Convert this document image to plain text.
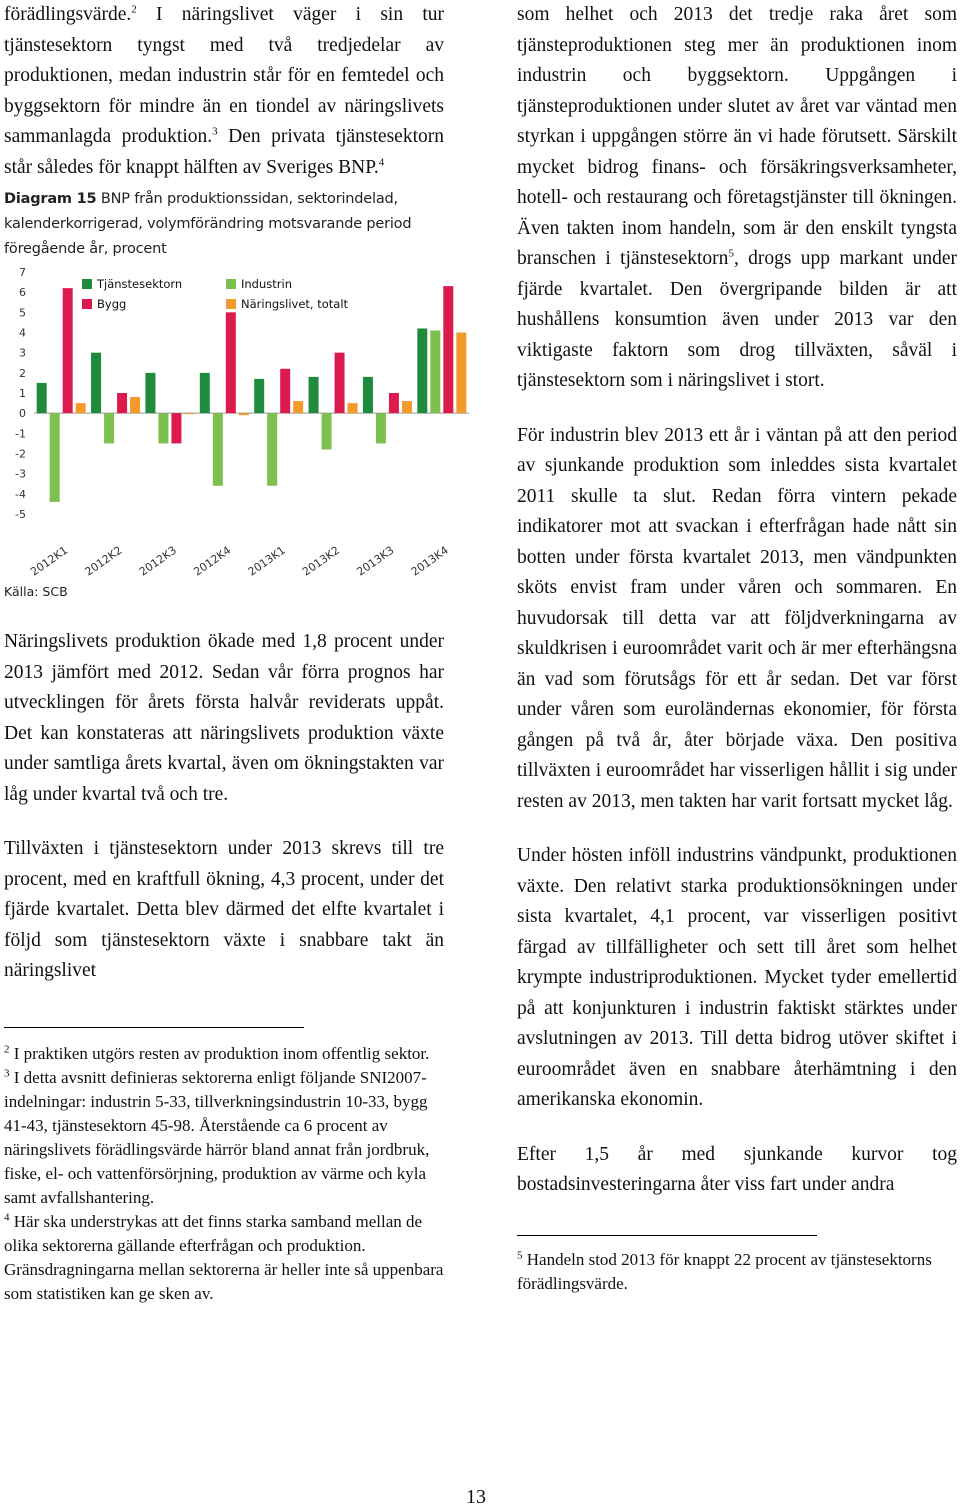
förädlingsvärde.$^2$ I näringslivet väger i sin tur tjänstesektorn tyngst med två tredjedelar av produktionen, medan industrin står för en femtedel och byggsektorn för mindre än en tiondel av näringslivets sammanlagda produktion.$^3$ Den privata tjänstesektorn står således för knappt hälften av Sveriges BNP.$^4$

Diagram 15 BNP från produktionssidan, sektorindelad, kalenderkorrigerad, volymförändring motsvarande period föregående år, procent

7
6
5
4
3
2
1
0
-1
-2
-3
-4
-5
2012K1 2012K2 2012K3 2012K4 2013K1 2013K2 2013K3 2013K4
Tjänstesektorn	Industrin
Bygg	Näringslivet, totalt
Källa: SCB

Näringslivets produktion ökade med 1,8 procent under 2013 jämfört med 2012. Sedan vår förra prognos har utvecklingen för årets första halvår reviderats uppåt. Det kan konstateras att näringslivets produktion växte under samtliga årets kvartal, även om ökningstakten var låg under kvartal två och tre.

Tillväxten i tjänstesektorn under 2013 skrevs till tre procent, med en kraftfull ökning, 4,3 procent, under det fjärde kvartalet. Detta blev därmed det elfte kvartalet i följd som tjänstesektorn växte i snabbare takt än näringslivet

$^2$ I praktiken utgörs resten av produktion inom offentlig sektor.

$^3$ I detta avsnitt definieras sektorerna enligt följande SNI2007-indelningar: industrin 5-33, tillverkningsindustrin 10-33, bygg 41-43, tjänstesektorn 45-98. Återstående ca 6 procent av näringslivets förädlingsvärde härrör bland annat från jordbruk, fiske, el- och vattenförsörjning, produktion av värme och kyla samt avfallshantering.

$^4$ Här ska understrykas att det finns starka samband mellan de olika sektorerna gällande efterfrågan och produktion. Gränsdragningarna mellan sektorerna är heller inte så uppenbara som statistiken kan ge sken av.

som helhet och 2013 det tredje raka året som tjänsteproduktionen steg mer än produktionen inom industrin och byggsektorn. Uppgången i tjänsteproduktionen under slutet av året var väntad men styrkan i uppgången större än vi hade förutsett. Särskilt mycket bidrog finans- och försäkringsverksamheter, hotell- och restaurang och företagstjänster till ökningen. Även takten inom handeln, som är den enskilt tyngsta branschen i tjänstesektorn$^5$, drogs upp markant under fjärde kvartalet. Den övergripande bilden är att hushållens konsumtion även under 2013 var den viktigaste faktorn som drog tillväxten, såväl i tjänstesektorn som i näringslivet i stort.

För industrin blev 2013 ett år i väntan på att den period av sjunkande produktion som inleddes sista kvartalet 2011 skulle ta slut. Redan förra vintern pekade indikatorer mot att svackan i efterfrågan hade nått sin botten under första kvartalet 2013, men vändpunkten sköts envist fram under våren och sommaren. En huvudorsak till detta var att följdverkningarna av skuldkrisen i euroområdet varit och är mer efterhängsna än vad som förutsågs för ett år sedan. Det var först under våren som euroländernas ekonomier, för första gången på två år, åter började växa. Den positiva tillväxten i euroområdet har visserligen hållit i sig under resten av 2013, men takten har varit fortsatt mycket låg.

Under hösten inföll industrins vändpunkt, produktionen växte. Den relativt starka produktionsökningen under sista kvartalet, 4,1 procent, var visserligen positivt färgad av tillfälligheter och sett till året som helhet krympte industriproduktionen. Mycket tyder emellertid på att konjunkturen i industrin faktiskt stärktes under avslutningen av 2013. Till detta bidrog utöver skiftet i euroområdet även en snabbare återhämtning i den amerikanska ekonomin.

Efter 1,5 år med sjunkande kurvor tog bostadsinvesteringarna åter viss fart under andra

$^5$ Handeln stod 2013 för knappt 22 procent av tjänstesektorns förädlingsvärde.

13
